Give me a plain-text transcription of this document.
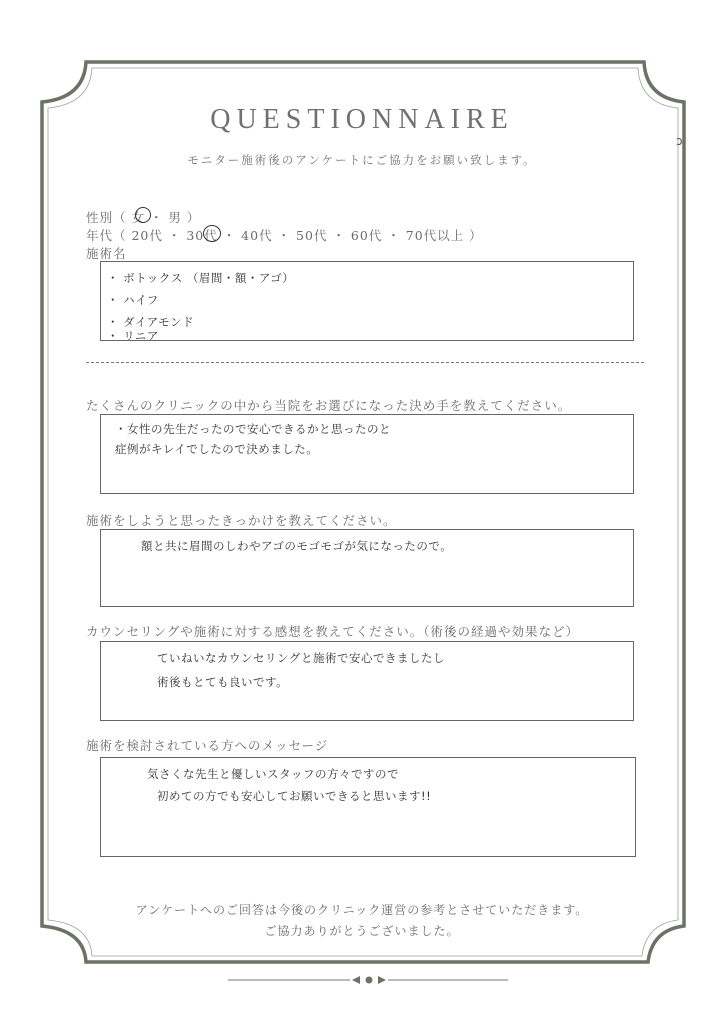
QUESTIONNAIRE
モニター施術後のアンケートにご協力をお願い致します。
ɔ
性別（ 女 ・ 男 ）
年代（ 20代 ・ 30代 ・ 40代 ・ 50代 ・ 60代 ・ 70代以上 ）
施術名
・ ボトックス （眉間・額・アゴ）
・ ハイフ
・ ダイアモンド
・ リニア
たくさんのクリニックの中から当院をお選びになった決め手を教えてください。
・女性の先生だったので安心できるかと思ったのと
症例がキレイでしたので決めました。
施術をしようと思ったきっかけを教えてください。
額と共に眉間のしわやアゴのモゴモゴが気になったので。
カウンセリングや施術に対する感想を教えてください。（術後の経過や効果など）
ていねいなカウンセリングと施術で安心できましたし
術後もとても良いです。
施術を検討されている方へのメッセージ
気さくな先生と優しいスタッフの方々ですので
初めての方でも安心してお願いできると思います!!
アンケートへのご回答は今後のクリニック運営の参考とさせていただきます。
ご協力ありがとうございました。
